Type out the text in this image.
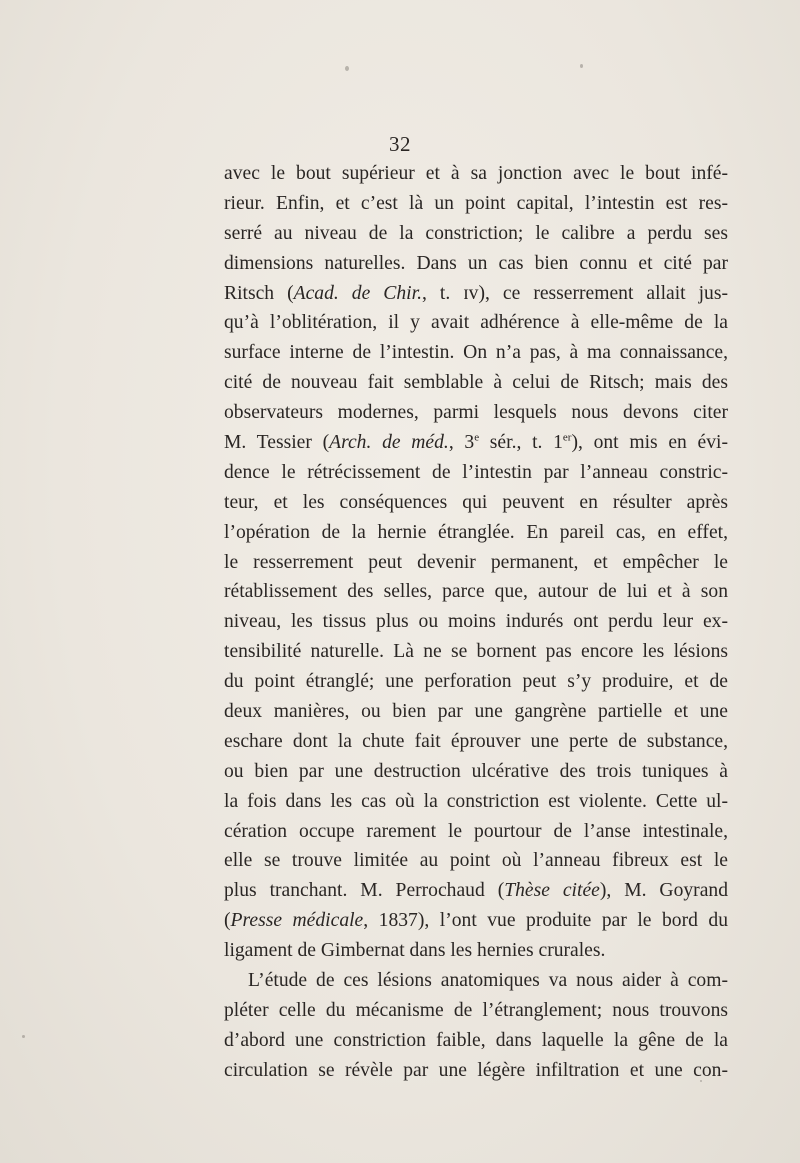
32
avec le bout supérieur et à sa jonction avec le bout infé-
rieur. Enfin, et c’est là un point capital, l’intestin est res-
serré au niveau de la constriction; le calibre a perdu ses
dimensions naturelles. Dans un cas bien connu et cité par
Ritsch (Acad. de Chir., t. ɪv), ce resserrement allait jus-
qu’à l’oblitération, il y avait adhérence à elle-même de la
surface interne de l’intestin. On n’a pas, à ma connaissance,
cité de nouveau fait semblable à celui de Ritsch; mais des
observateurs modernes, parmi lesquels nous devons citer
M. Tessier (Arch. de méd., 3e sér., t. 1er), ont mis en évi-
dence le rétrécissement de l’intestin par l’anneau constric-
teur, et les conséquences qui peuvent en résulter après
l’opération de la hernie étranglée. En pareil cas, en effet,
le resserrement peut devenir permanent, et empêcher le
rétablissement des selles, parce que, autour de lui et à son
niveau, les tissus plus ou moins indurés ont perdu leur ex-
tensibilité naturelle. Là ne se bornent pas encore les lésions
du point étranglé; une perforation peut s’y produire, et de
deux manières, ou bien par une gangrène partielle et une
eschare dont la chute fait éprouver une perte de substance,
ou bien par une destruction ulcérative des trois tuniques à
la fois dans les cas où la constriction est violente. Cette ul-
cération occupe rarement le pourtour de l’anse intestinale,
elle se trouve limitée au point où l’anneau fibreux est le
plus tranchant. M. Perrochaud (Thèse citée), M. Goyrand
(Presse médicale, 1837), l’ont vue produite par le bord du
ligament de Gimbernat dans les hernies crurales.
L’étude de ces lésions anatomiques va nous aider à com-
pléter celle du mécanisme de l’étranglement; nous trouvons
d’abord une constriction faible, dans laquelle la gêne de la
circulation se révèle par une légère infiltration et une con-
